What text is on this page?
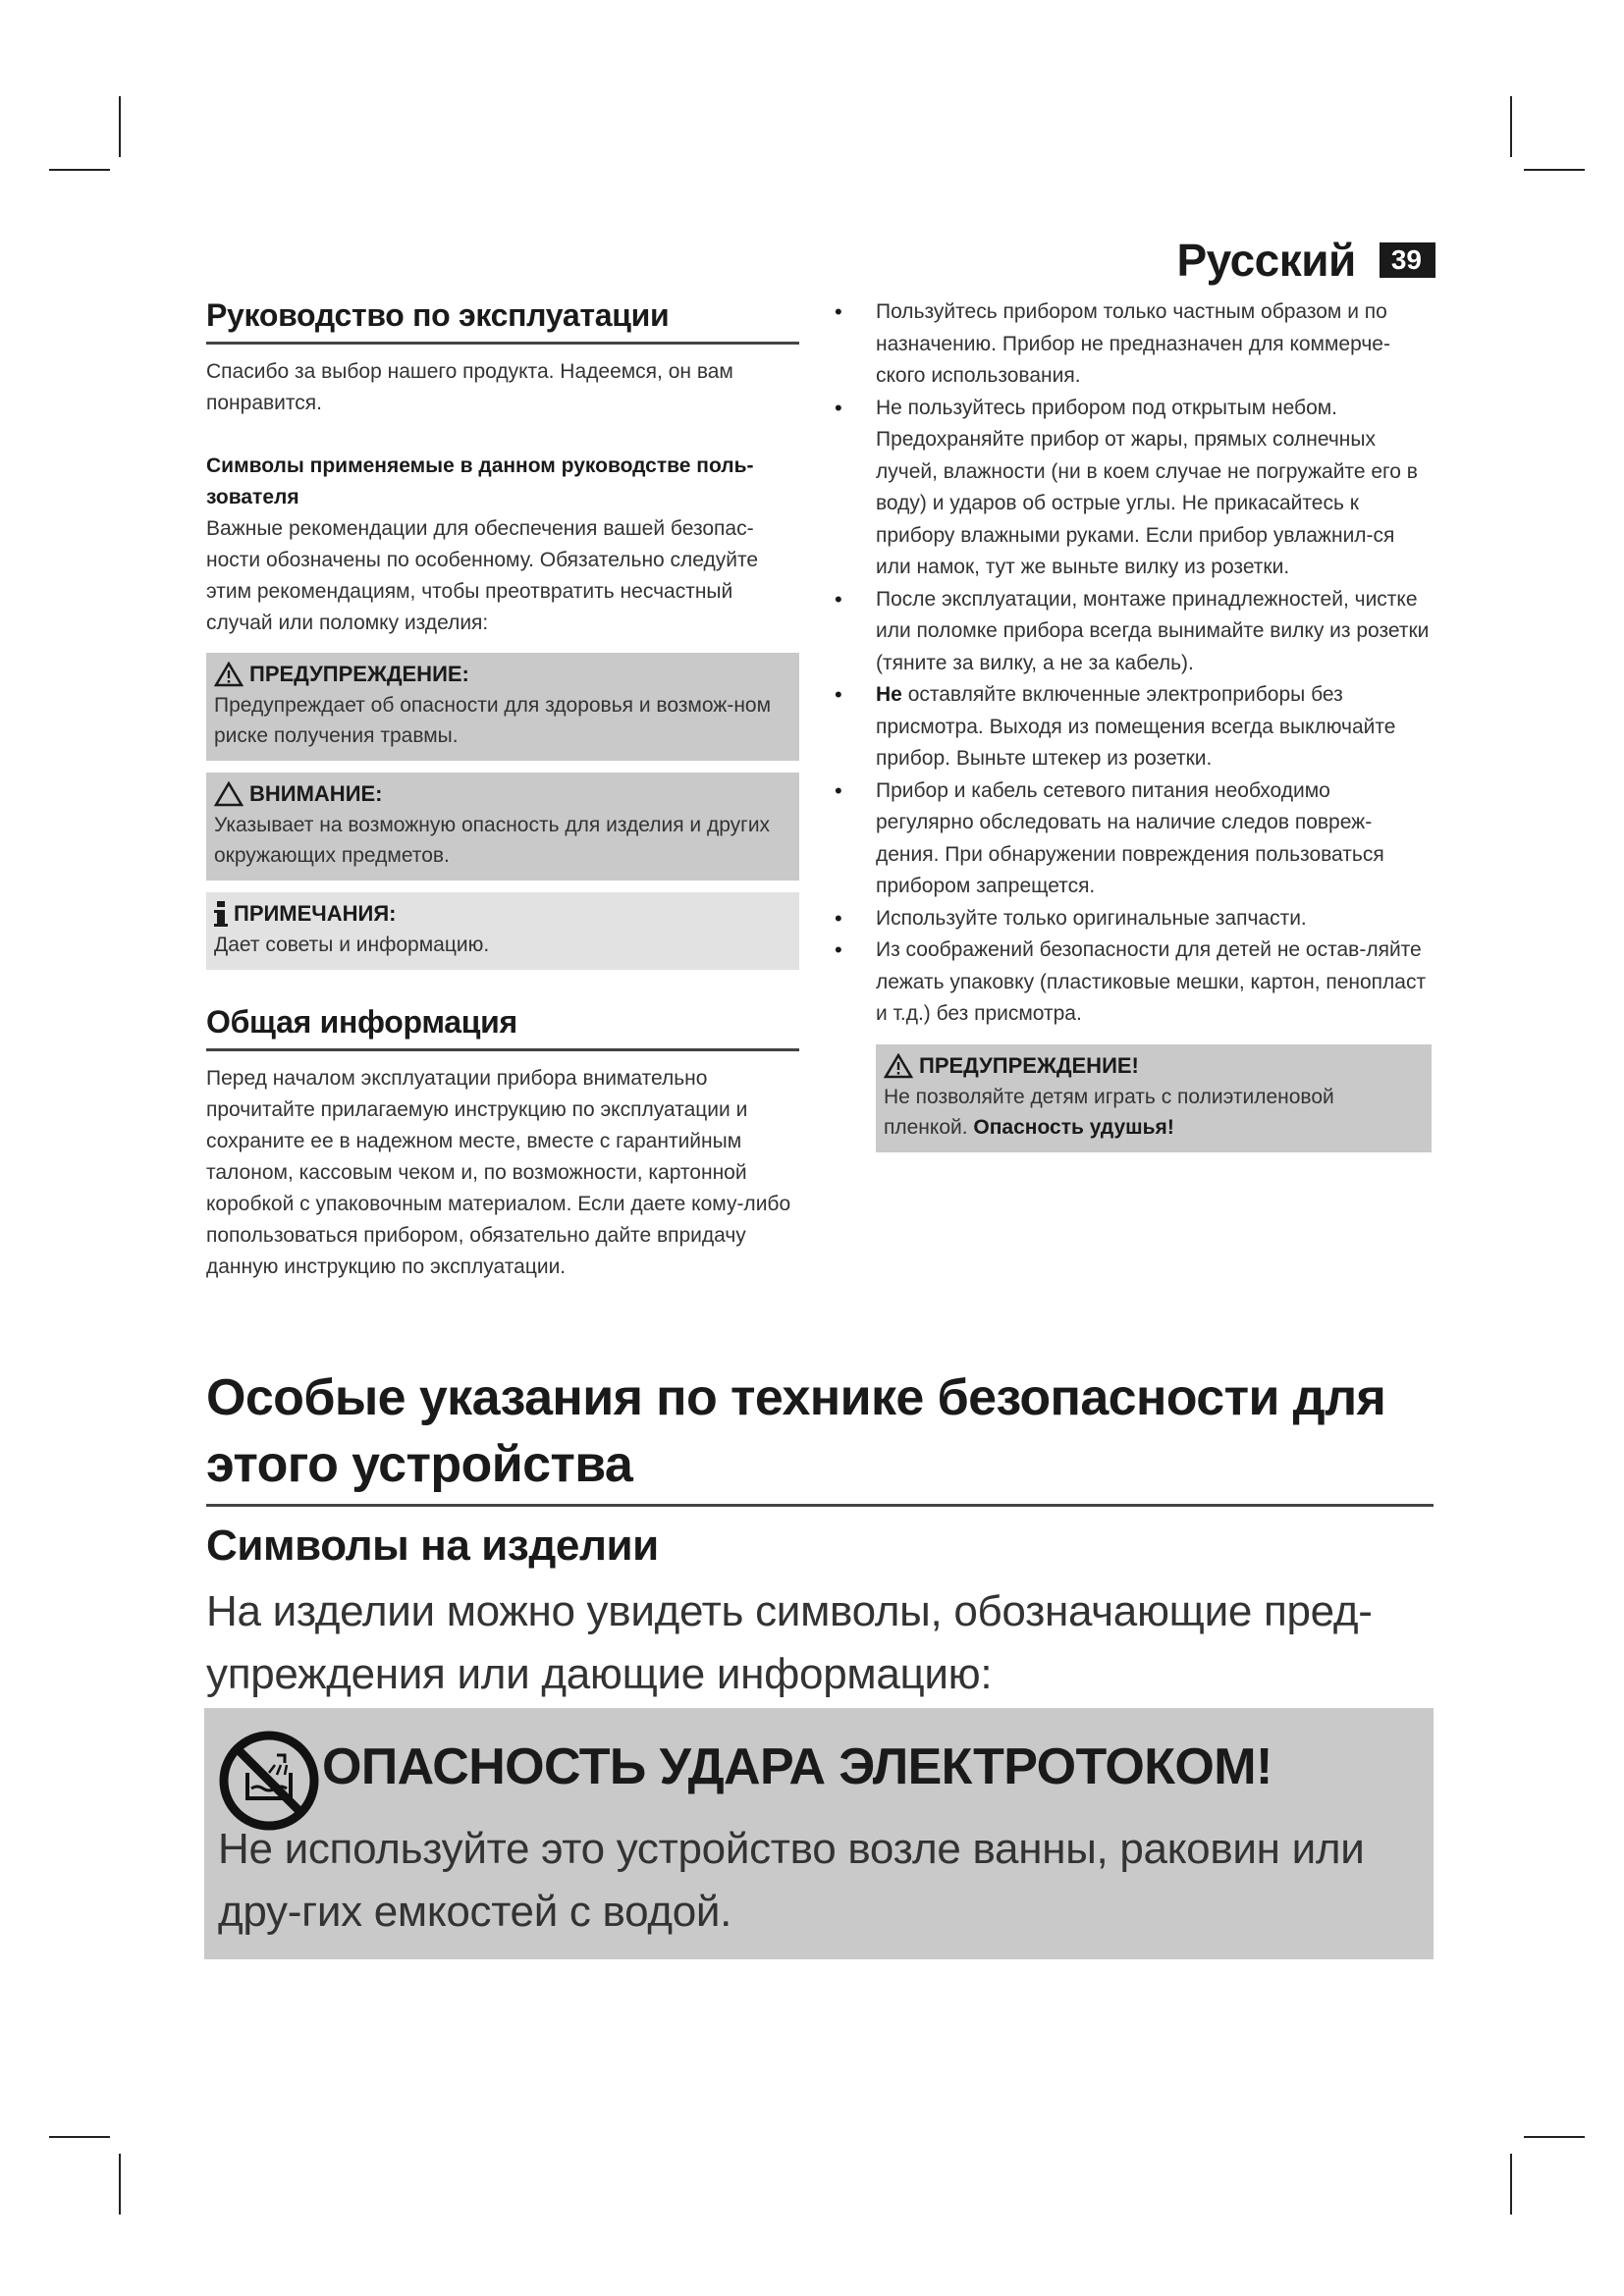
Русский	39
Руководство по эксплуатации

Спасибо за выбор нашего продукта. Надеемся, он вам понравится.

Символы применяемые в данном руководстве поль-зователя

Важные рекомендации для обеспечения вашей безопас-ности обозначены по особенному. Обязательно следуйте этим рекомендациям, чтобы преотвратить несчастный случай или поломку изделия:

ПРЕДУПРЕЖДЕНИЕ:
Предупреждает об опасности для здоровья и возмож-ном риске получения травмы.
ВНИМАНИЕ:
Указывает на возможную опасность для изделия и других окружающих предметов.
ПРИМЕЧАНИЯ:
Дает советы и информацию.
Общая информация

Перед началом эксплуатации прибора внимательно прочитайте прилагаемую инструкцию по эксплуатации и сохраните ее в надежном месте, вместе с гарантийным талоном, кассовым чеком и, по возможности, картонной коробкой с упаковочным материалом. Если даете кому-либо попользоваться прибором, обязательно дайте впридачу данную инструкцию по эксплуатации.

• Пользуйтесь прибором только частным образом и по назначению. Прибор не предназначен для коммерче-ского использования.
• Не пользуйтесь прибором под открытым небом. Предохраняйте прибор от жары, прямых солнечных лучей, влажности (ни в коем случае не погружайте его в воду) и ударов об острые углы. Не прикасайтесь к прибору влажными руками. Если прибор увлажнил-ся или намок, тут же выньте вилку из розетки.
• После эксплуатации, монтаже принадлежностей, чистке или поломке прибора всегда вынимайте вилку из розетки (тяните за вилку, а не за кабель).
• Не оставляйте включенные электроприборы без присмотра. Выходя из помещения всегда выключайте прибор. Выньте штекер из розетки.
• Прибор и кабель сетевого питания необходимо регулярно обследовать на наличие следов повреж-дения. При обнаружении повреждения пользоваться прибором запрещется.
• Используйте только оригинальные запчасти.
• Из соображений безопасности для детей не остав-ляйте лежать упаковку (пластиковые мешки, картон, пенопласт и т.д.) без присмотра.
ПРЕДУПРЕЖДЕНИЕ!
Не позволяйте детям играть с полиэтиленовой пленкой. Опасность удушья!
Особые указания по технике безопасности для этого устройства
Символы на изделии

На изделии можно увидеть символы, обозначающие пред-упреждения или дающие информацию:

ОПАСНОСТЬ УДАРА ЭЛЕКТРОТОКОМ!
Не используйте это устройство возле ванны, раковин или дру-гих емкостей с водой.
